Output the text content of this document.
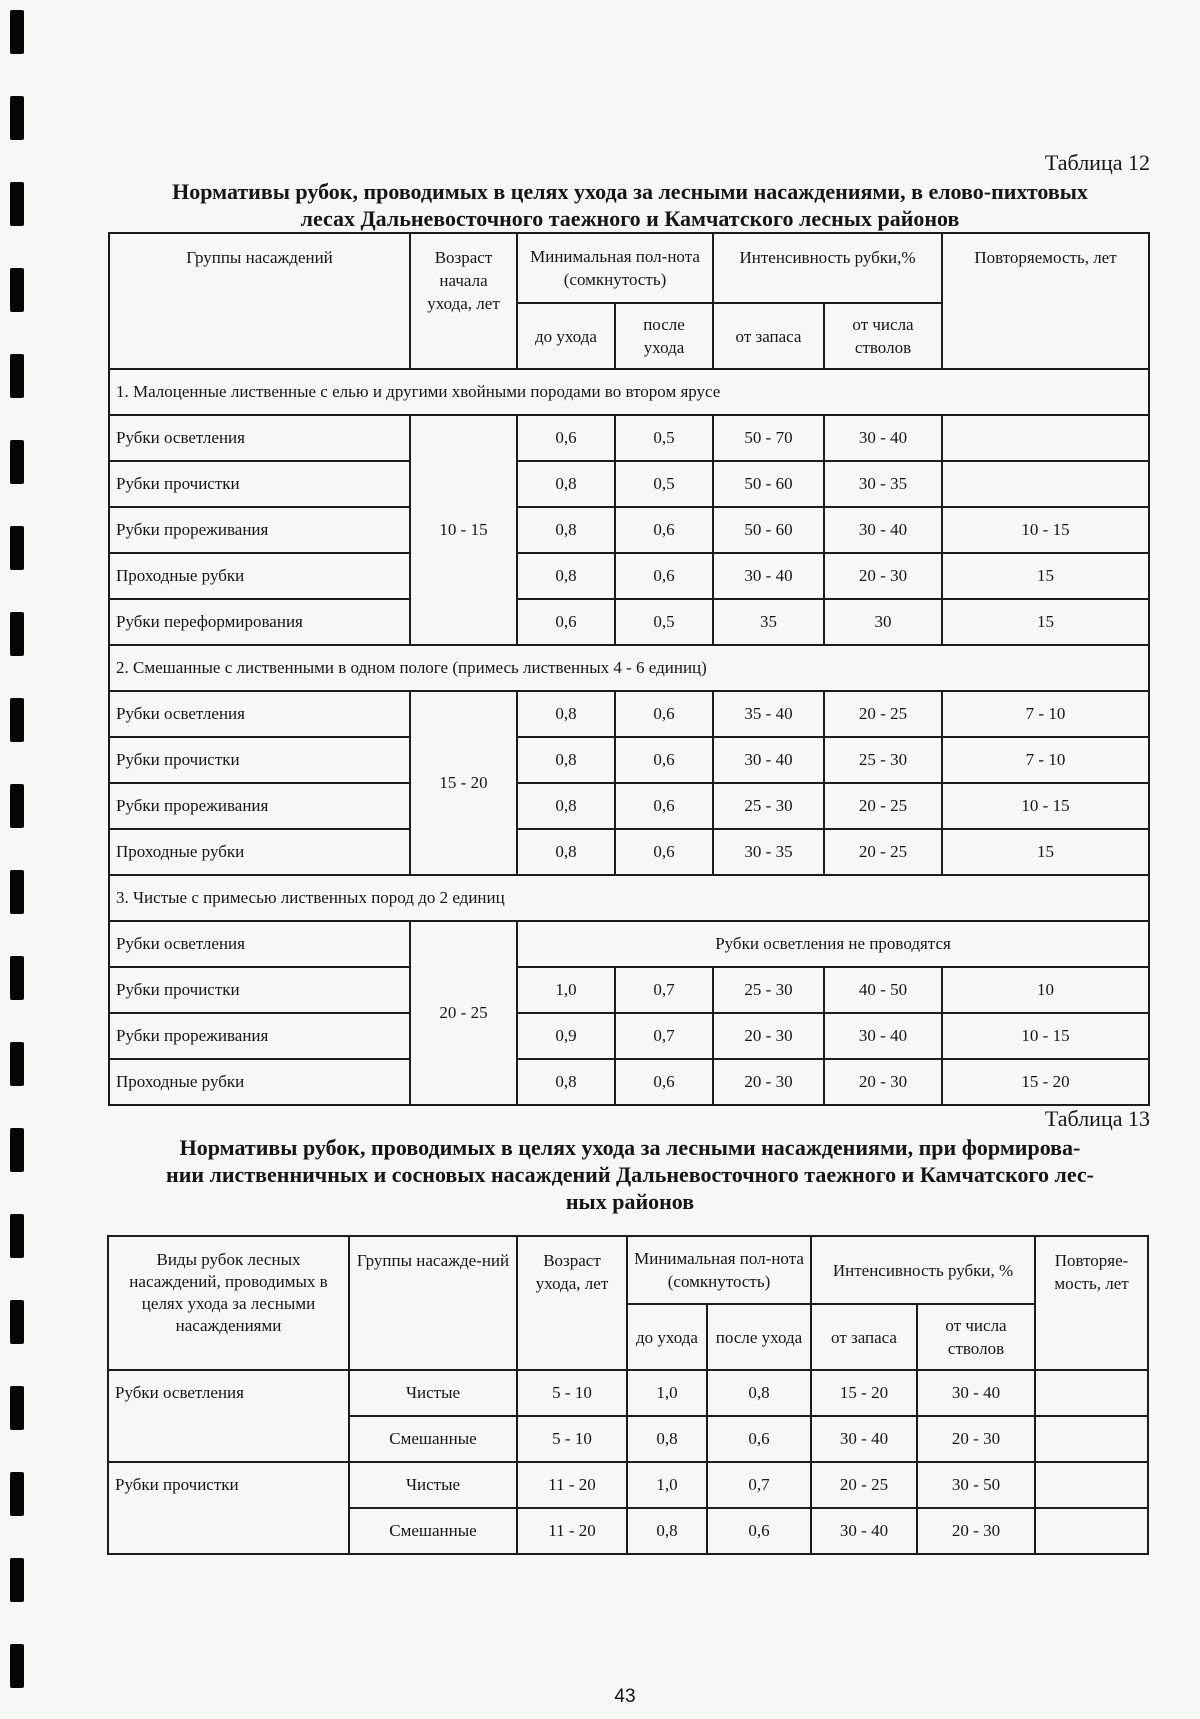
Таблица 12
Нормативы рубок, проводимых в целях ухода за лесными насаждениями, в елово-пихтовых
лесах Дальневосточного таежного и Камчатского лесных районов
Группы насаждений	Возраст начала ухода, лет	Минимальная пол-нота (сомкнутость)		Интенсивность рубки,%		Повторяемость, лет
		до ухода	после ухода	от запаса	от числа стволов	
1. Малоценные лиственные с елью и другими хвойными породами во втором ярусе						
Рубки осветления	10 - 15	0,6	0,5	50 - 70	30 - 40	
Рубки прочистки		0,8	0,5	50 - 60	30 - 35	
Рубки прореживания		0,8	0,6	50 - 60	30 - 40	10 - 15
Проходные рубки		0,8	0,6	30 - 40	20 - 30	15
Рубки переформирования		0,6	0,5	35	30	15
2. Смешанные с лиственными в одном пологе (примесь лиственных 4 - 6 единиц)						
Рубки осветления	15 - 20	0,8	0,6	35 - 40	20 - 25	7 - 10
Рубки прочистки		0,8	0,6	30 - 40	25 - 30	7 - 10
Рубки прореживания		0,8	0,6	25 - 30	20 - 25	10 - 15
Проходные рубки		0,8	0,6	30 - 35	20 - 25	15
3. Чистые с примесью лиственных пород до 2 единиц						
Рубки осветления	20 - 25	Рубки осветления не проводятся				
Рубки прочистки		1,0	0,7	25 - 30	40 - 50	10
Рубки прореживания		0,9	0,7	20 - 30	30 - 40	10 - 15
Проходные рубки		0,8	0,6	20 - 30	20 - 30	15 - 20
Таблица 13
Нормативы рубок, проводимых в целях ухода за лесными насаждениями, при формирова-
нии лиственничных и сосновых насаждений Дальневосточного таежного и Камчатского лес-
ных районов
Виды рубок лесных насаждений, проводимых в целях ухода за лесными насаждениями	Группы насажде-ний	Возраст ухода, лет	Минимальная пол-нота (сомкнутость)		Интенсивность рубки, %		Повторяе-мость, лет
			до ухода	после ухода	от запаса	от числа стволов	
Рубки осветления	Чистые	5 - 10	1,0	0,8	15 - 20	30 - 40	
	Смешанные	5 - 10	0,8	0,6	30 - 40	20 - 30	
Рубки прочистки	Чистые	11 - 20	1,0	0,7	20 - 25	30 - 50	
	Смешанные	11 - 20	0,8	0,6	30 - 40	20 - 30	
43
